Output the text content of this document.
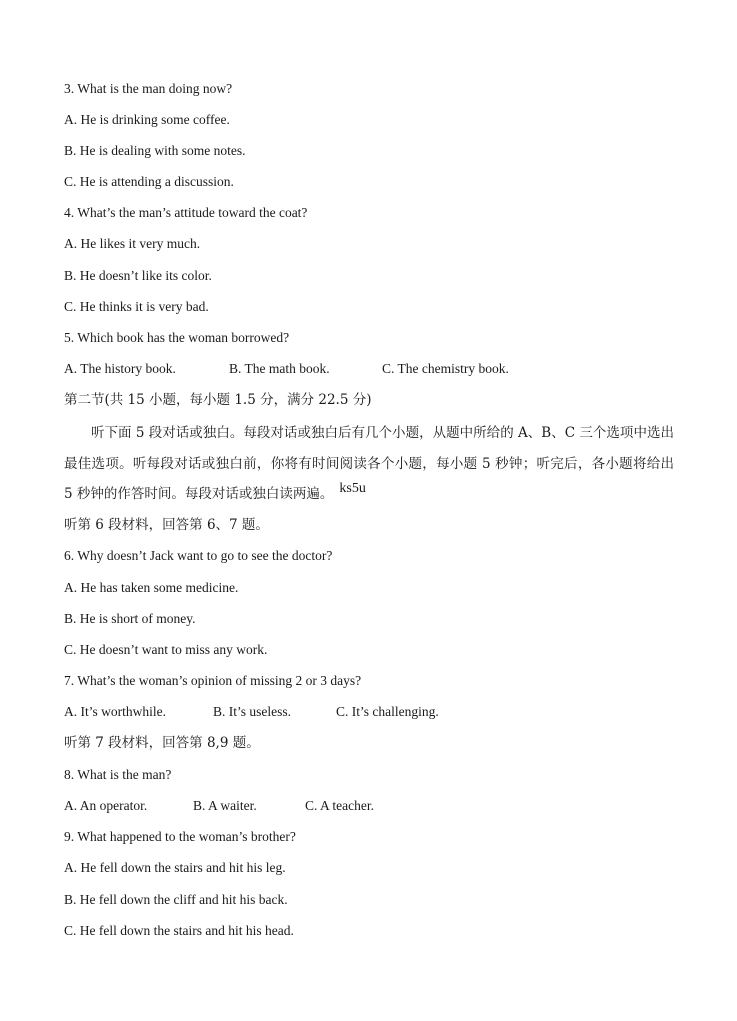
3. What is the man doing now?
A. He is drinking some coffee.
B. He is dealing with some notes.
C. He is attending a discussion.
4. What’s the man’s attitude toward the coat?
A. He likes it very much.
B. He doesn’t like its color.
C. He thinks it is very bad.
5. Which book has the woman borrowed?
A. The history book.	B. The math book.	C. The chemistry book.
第二节(共 15 小题，每小题 1.5 分，满分 22.5 分)
听下面 5 段对话或独白。每段对话或独白后有几个小题，从题中所给的 A、B、C 三个选项中选出最佳选项。听每段对话或独白前，你将有时间阅读各个小题，每小题 5 秒钟；听完后，各小题将给出 5 秒钟的作答时间。每段对话或独白读两遍。 ks5u
听第 6 段材料，回答第 6、7 题。
6. Why doesn’t Jack want to go to see the doctor?
A. He has taken some medicine.
B. He is short of money.
C. He doesn’t want to miss any work.
7. What’s the woman’s opinion of missing 2 or 3 days?
A. It’s worthwhile.	B. It’s useless.	C. It’s challenging.
听第 7 段材料，回答第 8,9 题。
8. What is the man?
A. An operator.	B. A waiter.	C. A teacher.
9. What happened to the woman’s brother?
A. He fell down the stairs and hit his leg.
B. He fell down the cliff and hit his back.
C. He fell down the stairs and hit his head.
